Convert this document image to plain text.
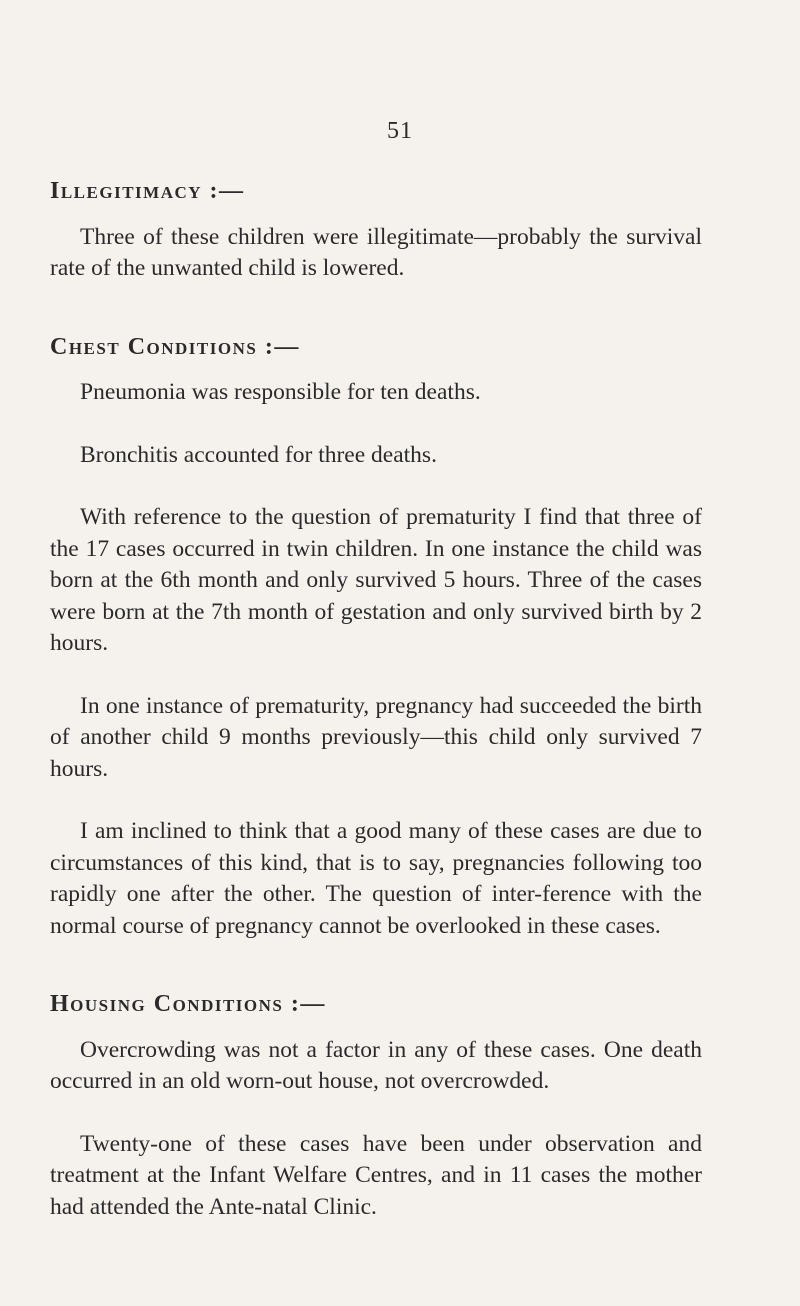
51
Illegitimacy :—

Three of these children were illegitimate—probably the survival rate of the unwanted child is lowered.

Chest Conditions :—

Pneumonia was responsible for ten deaths.

Bronchitis accounted for three deaths.

With reference to the question of prematurity I find that three of the 17 cases occurred in twin children. In one instance the child was born at the 6th month and only survived 5 hours. Three of the cases were born at the 7th month of gestation and only survived birth by 2 hours.

In one instance of prematurity, pregnancy had succeeded the birth of another child 9 months previously—this child only survived 7 hours.

I am inclined to think that a good many of these cases are due to circumstances of this kind, that is to say, pregnancies following too rapidly one after the other. The question of inter-ference with the normal course of pregnancy cannot be overlooked in these cases.

Housing Conditions :—

Overcrowding was not a factor in any of these cases. One death occurred in an old worn-out house, not overcrowded.

Twenty-one of these cases have been under observation and treatment at the Infant Welfare Centres, and in 11 cases the mother had attended the Ante-natal Clinic.
